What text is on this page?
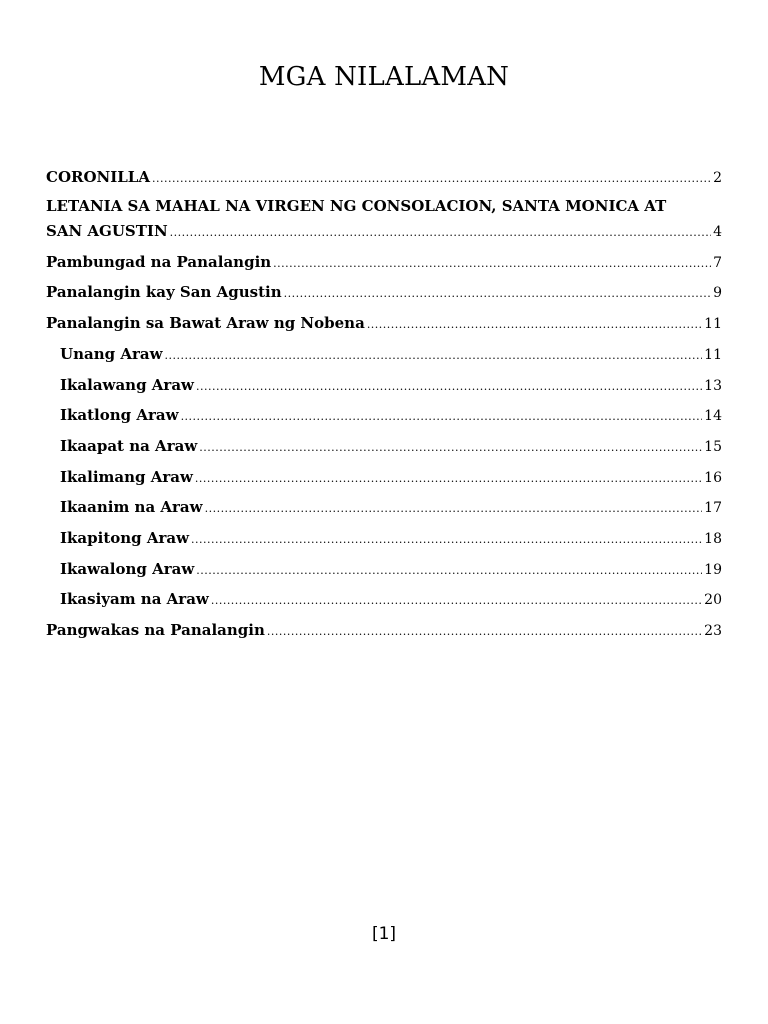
MGA NILALAMAN
CORONILLA .....	2
LETANIA SA MAHAL NA VIRGEN NG CONSOLACION, SANTA MONICA AT
SAN AGUSTIN .....	4
Pambungad na Panalangin .....	7
Panalangin kay San Agustin .....	9
Panalangin sa Bawat Araw ng Nobena .....	11
Unang Araw .....	11
Ikalawang Araw .....	13
Ikatlong Araw .....	14
Ikaapat na Araw .....	15
Ikalimang Araw .....	16
Ikaanim na Araw .....	17
Ikapitong Araw .....	18
Ikawalong Araw .....	19
Ikasiyam na Araw .....	20
Pangwakas na Panalangin .....	23
[1]
